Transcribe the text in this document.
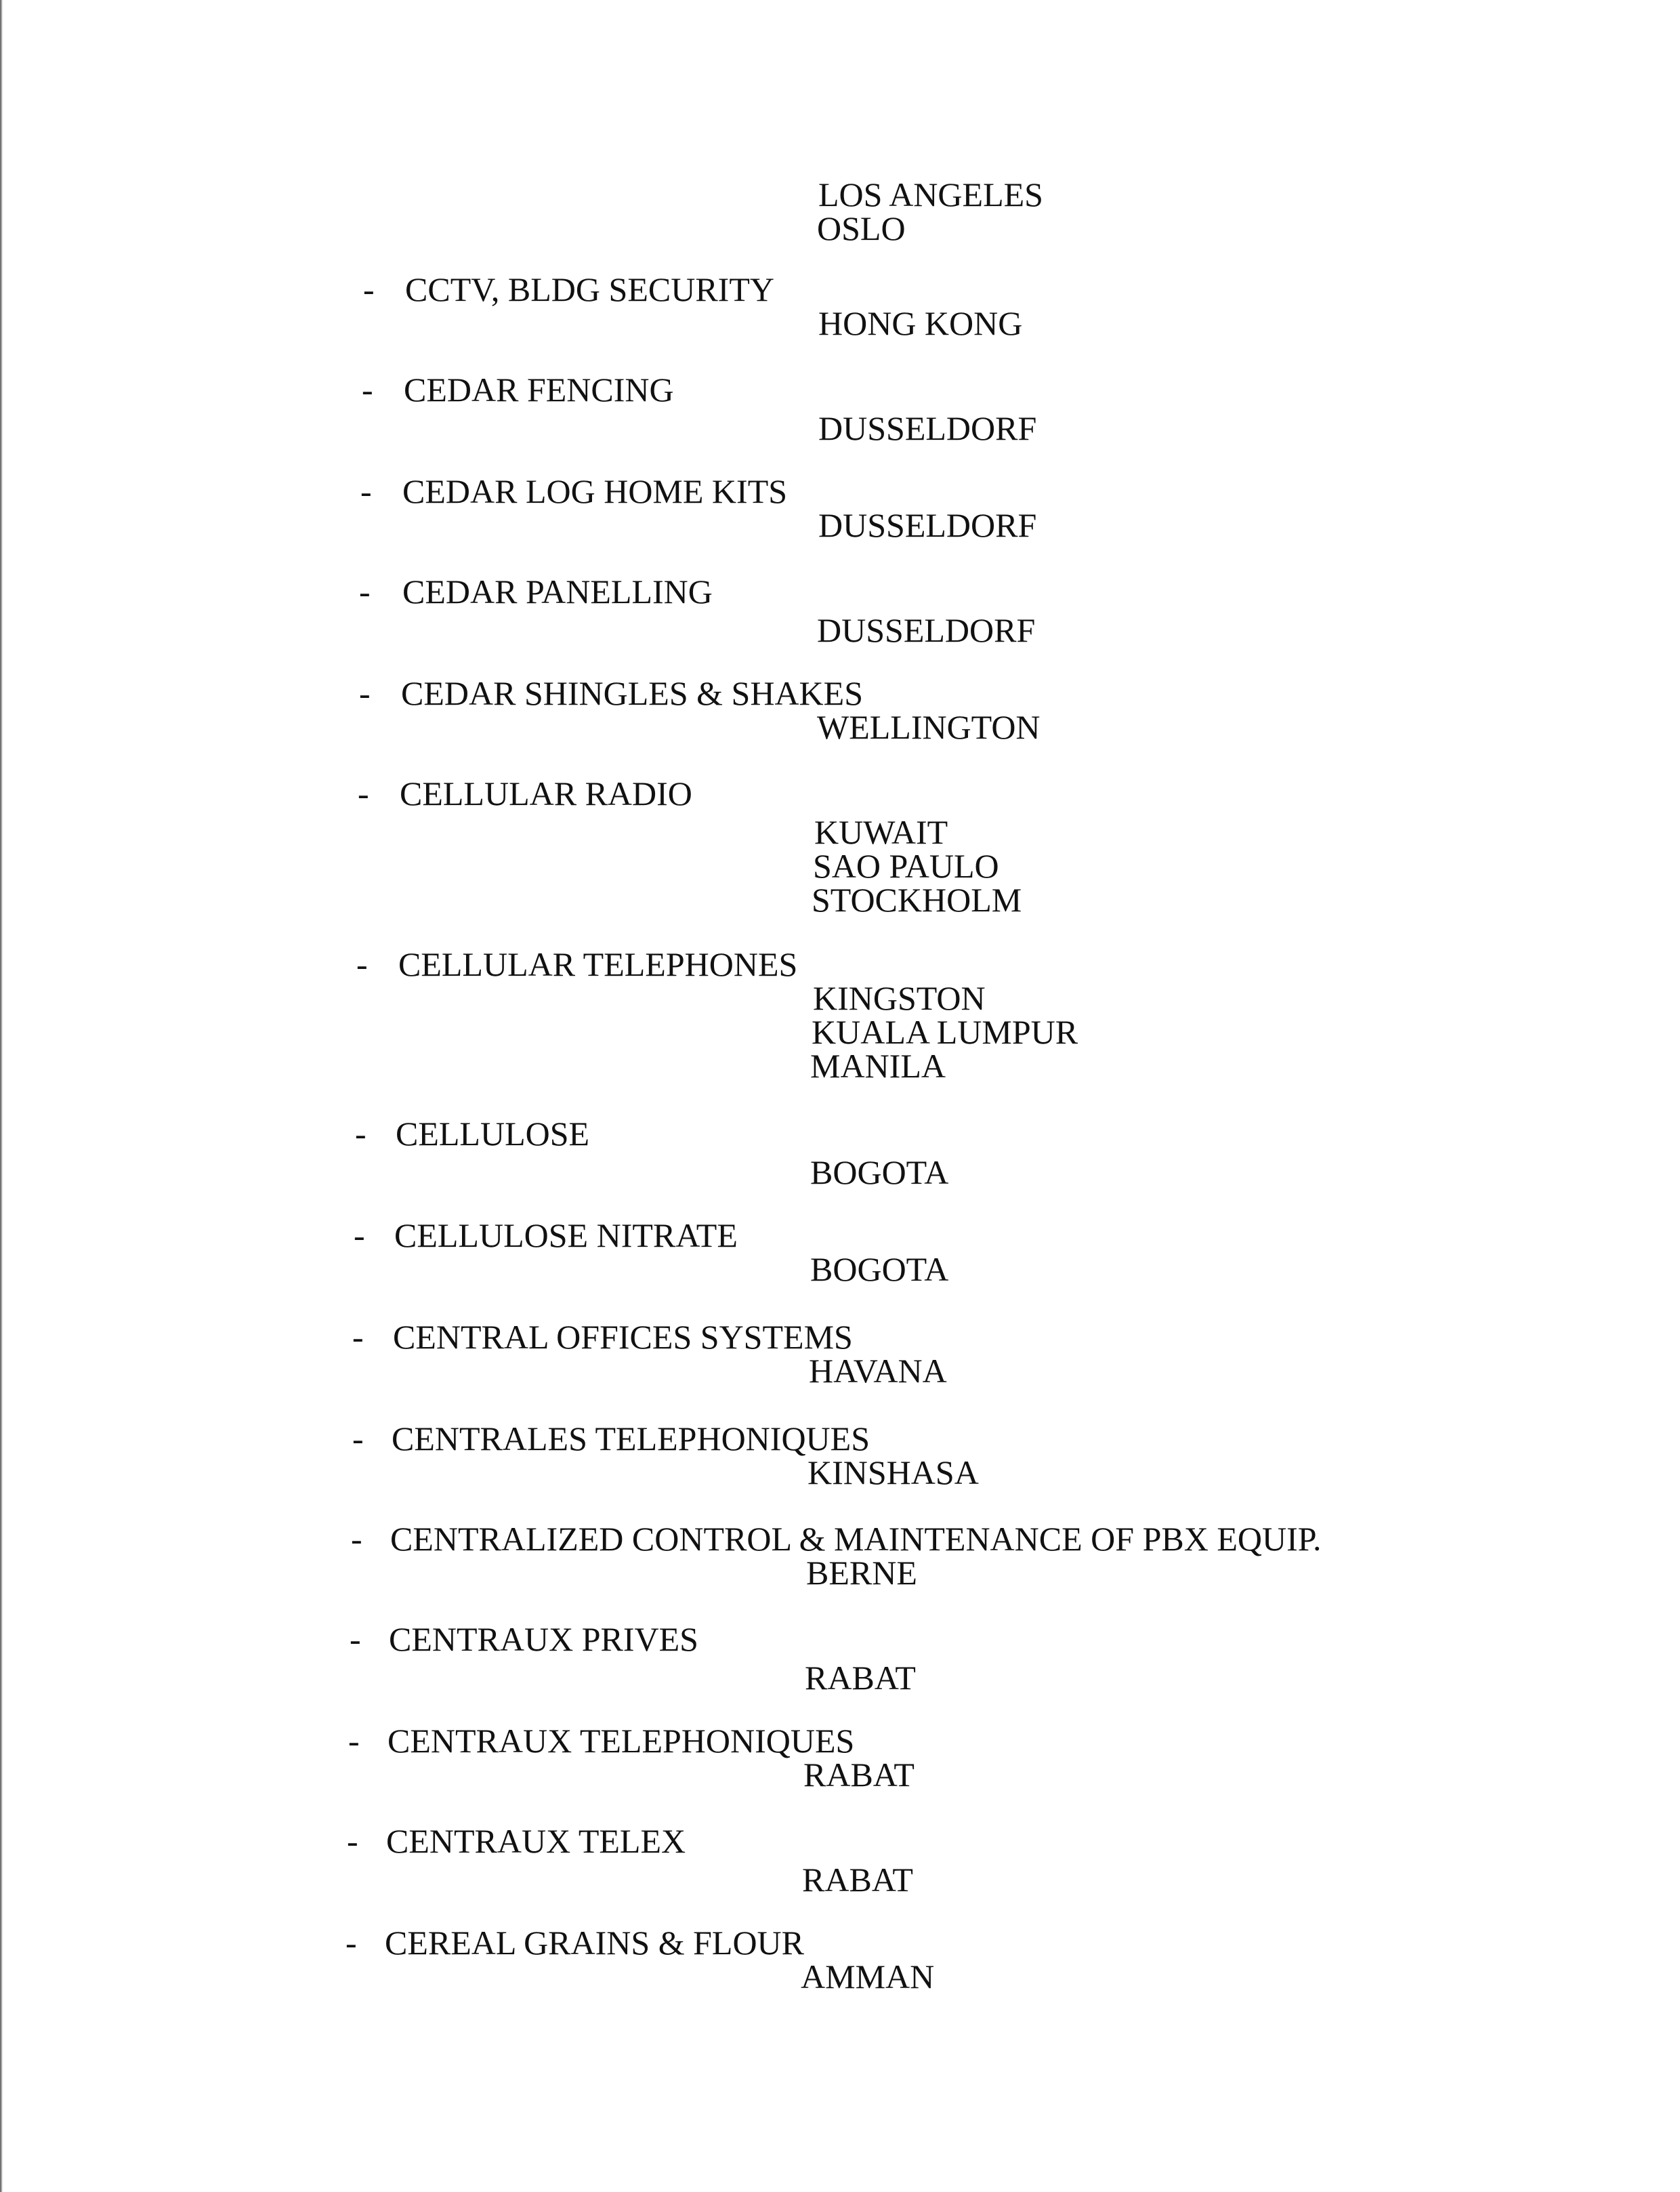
LOS ANGELES
OSLO
- CCTV, BLDG SECURITY
HONG KONG
- CEDAR FENCING
DUSSELDORF
- CEDAR LOG HOME KITS
DUSSELDORF
- CEDAR PANELLING
DUSSELDORF
- CEDAR SHINGLES & SHAKES
WELLINGTON
- CELLULAR RADIO
KUWAIT
SAO PAULO
STOCKHOLM
- CELLULAR TELEPHONES
KINGSTON
KUALA LUMPUR
MANILA
- CELLULOSE
BOGOTA
- CELLULOSE NITRATE
BOGOTA
- CENTRAL OFFICES SYSTEMS
HAVANA
- CENTRALES TELEPHONIQUES
KINSHASA
- CENTRALIZED CONTROL & MAINTENANCE OF PBX EQUIP.
BERNE
- CENTRAUX PRIVES
RABAT
- CENTRAUX TELEPHONIQUES
RABAT
- CENTRAUX TELEX
RABAT
- CEREAL GRAINS & FLOUR
AMMAN
